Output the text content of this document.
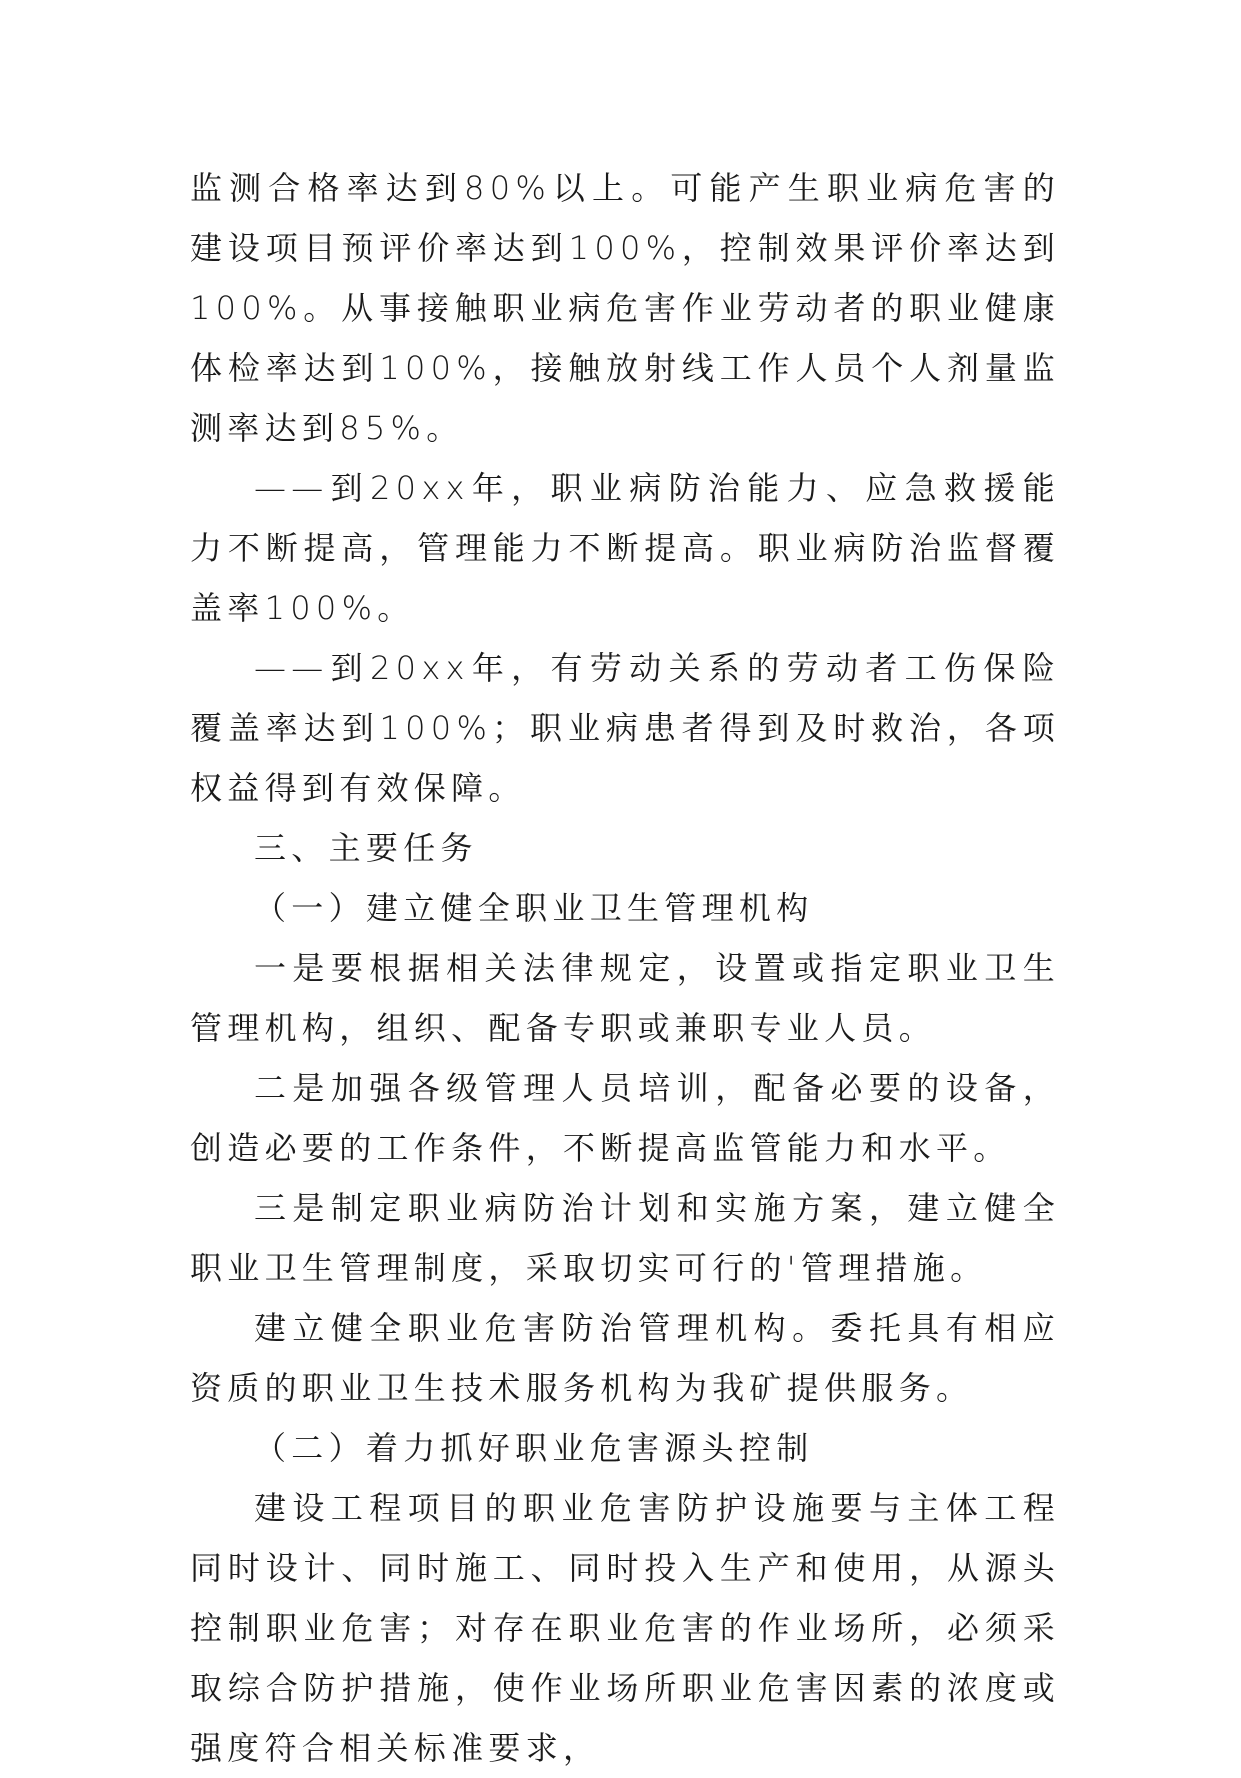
监测合格率达到80%以上。可能产生职业病危害的建设项目预评价率达到100%，控制效果评价率达到100%。从事接触职业病危害作业劳动者的职业健康体检率达到100%，接触放射线工作人员个人剂量监测率达到85%。

——到20xx年，职业病防治能力、应急救援能力不断提高，管理能力不断提高。职业病防治监督覆盖率100%。

——到20xx年，有劳动关系的劳动者工伤保险覆盖率达到100%；职业病患者得到及时救治，各项权益得到有效保障。

三、主要任务

（一）建立健全职业卫生管理机构

一是要根据相关法律规定，设置或指定职业卫生管理机构，组织、配备专职或兼职专业人员。

二是加强各级管理人员培训，配备必要的设备，创造必要的工作条件，不断提高监管能力和水平。

三是制定职业病防治计划和实施方案，建立健全职业卫生管理制度，采取切实可行的'管理措施。

建立健全职业危害防治管理机构。委托具有相应资质的职业卫生技术服务机构为我矿提供服务。

（二）着力抓好职业危害源头控制

建设工程项目的职业危害防护设施要与主体工程同时设计、同时施工、同时投入生产和使用，从源头控制职业危害；对存在职业危害的作业场所，必须采取综合防护措施，使作业场所职业危害因素的浓度或强度符合相关标准要求，
